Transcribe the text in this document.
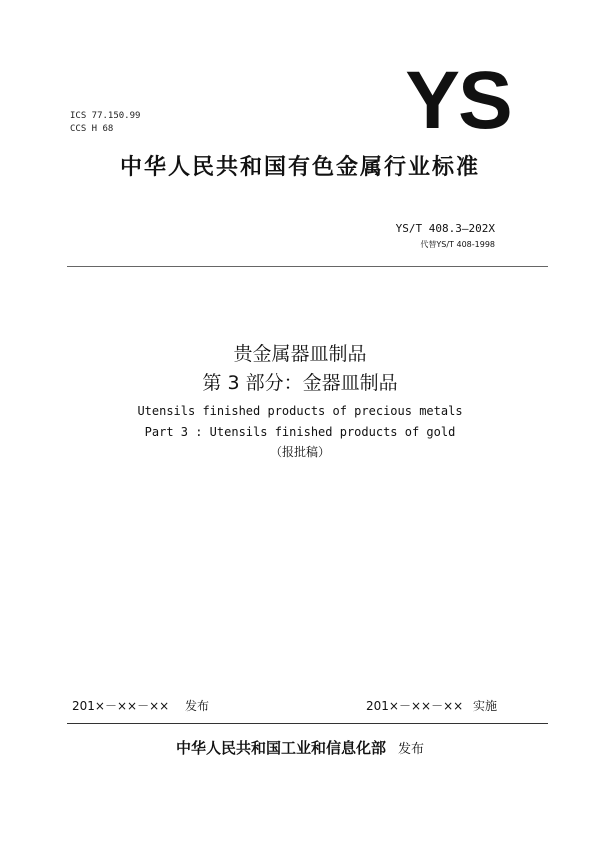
ICS 77.150.99
CCS H 68	YS
中华人民共和国有色金属行业标准
YS/T 408.3—202X
代替YS/T 408-1998
贵金属器皿制品
第 3 部分：金器皿制品
Utensils finished products of precious metals
Part 3 : Utensils finished products of gold
（报批稿）
201×－××－×× 发布	201×－××－×× 实施
中华人民共和国工业和信息化部 发布
